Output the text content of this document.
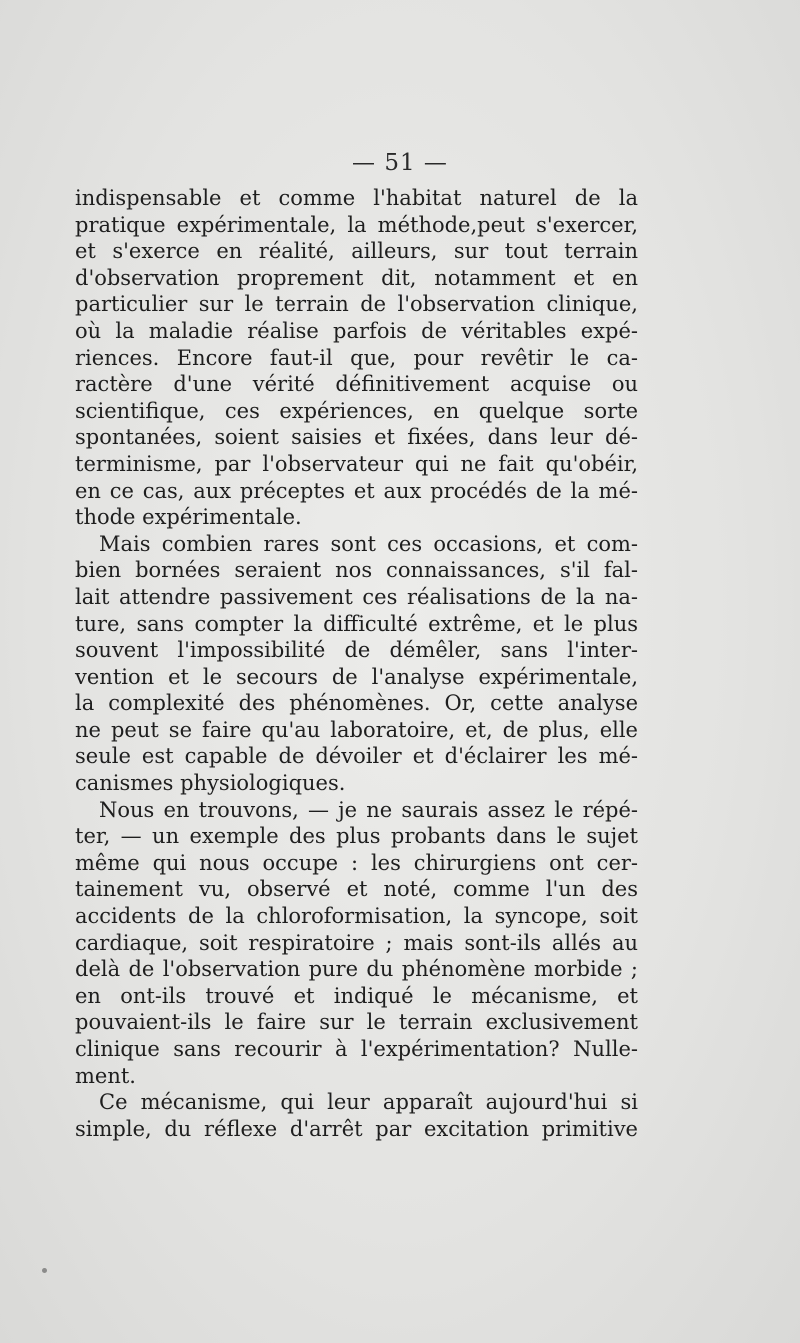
— 51 —
indispensable et comme l'habitat naturel de la
pratique expérimentale, la méthode,peut s'exercer,
et s'exerce en réalité, ailleurs, sur tout terrain
d'observation proprement dit, notamment et en
particulier sur le terrain de l'observation clinique,
où la maladie réalise parfois de véritables expé-
riences. Encore faut-il que, pour revêtir le ca-
ractère d'une vérité définitivement acquise ou
scientifique, ces expériences, en quelque sorte
spontanées, soient saisies et fixées, dans leur dé-
terminisme, par l'observateur qui ne fait qu'obéir,
en ce cas, aux préceptes et aux procédés de la mé-
thode expérimentale.
Mais combien rares sont ces occasions, et com-
bien bornées seraient nos connaissances, s'il fal-
lait attendre passivement ces réalisations de la na-
ture, sans compter la difficulté extrême, et le plus
souvent l'impossibilité de démêler, sans l'inter-
vention et le secours de l'analyse expérimentale,
la complexité des phénomènes. Or, cette analyse
ne peut se faire qu'au laboratoire, et, de plus, elle
seule est capable de dévoiler et d'éclairer les mé-
canismes physiologiques.
Nous en trouvons, — je ne saurais assez le répé-
ter, — un exemple des plus probants dans le sujet
même qui nous occupe : les chirurgiens ont cer-
tainement vu, observé et noté, comme l'un des
accidents de la chloroformisation, la syncope, soit
cardiaque, soit respiratoire ; mais sont-ils allés au
delà de l'observation pure du phénomène morbide ;
en ont-ils trouvé et indiqué le mécanisme, et
pouvaient-ils le faire sur le terrain exclusivement
clinique sans recourir à l'expérimentation? Nulle-
ment.
Ce mécanisme, qui leur apparaît aujourd'hui si
simple, du réflexe d'arrêt par excitation primitive
